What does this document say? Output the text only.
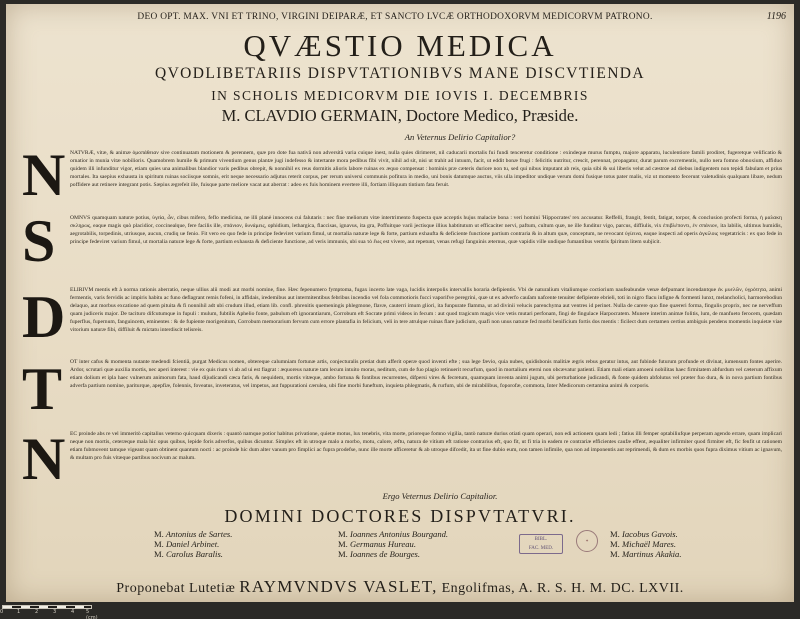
DEO OPT. MAX. VNI ET TRINO, VIRGINI DEIPARÆ, ET SANCTO LVCÆ ORTHODOXORVM MEDICORVM PATRONO.	1196
QVÆSTIO MEDICA
QVODLIBETARIIS DISPVTATIONIBVS MANE DISCVTIENDA
IN SCHOLIS MEDICORVM DIE IOVIS I. DECEMBRIS
M. CLAVDIO GERMAIN, Doctore Medico, Præside.
An Veternus Delirio Capitalior?
N
S
D
T
N
NATVRÆ, vitæ, & animæ ὁμοπάθειαν sive continuatam motionem & perennem, quæ pro dote fua nativâ non adversitâ varia cuique inest, nulla quies dirimeret, nil caducarii mortalis fui fundi tenceretur conditione : exindeque murus fumptu, majore apparatu, luculentiore famili prodiret, fugeretque velificatio & ornatior in munia vitæ nobilioris. Quamobrem humile & primum viventium genus plantæ jugi indefesso & intertante mora pedibus fibi vivit, nihil ad sit, nisi ut trahit ad intuum, facit, ut eddit bonæ frugi : felicitis nutritur, crescit, perennat, propagatur, durat parum excrementis, nullo nera fomno obnoxium, affiduo quidem illi infunditur vigor, etiam quies una animalibus blandior varis pedibus obrepit, & nonnihil ex reus dormitis alioris labore ruinas ex æquo compensat : hominis præ cæteris duriore non tu, sed qui nibus imputant ab reis, quia sibi & sui liberis velut ad cæstroe ad diebus indigentem non tepidi fabulam et prius mortales. Ita saepius exhausta in spiritum ruinas sociisque somnis, erit neque necessario adjutus reterit corpus, per rerum universi communis pofitura in medio, uni bonis datumque auctus, viis ulla impeditor undique verum domi fusique totus pater malis, viz ut momento fecerunt valetudinis qualquam libare, nedum poffidere aut retinere integrant potis. Sæpius ægrefeit ille, fuisque parte meliore vacat aut aberrat : adeo ex fuis hominem evertere illi, fortiam illiquum tintium fata feruit.
OMNVS quamquam naturæ potius, ὑγεία, ὦν, cibus mifero, feflo medicina, ne illi planè innocens cui falutaris : nec fine meliorum vitæ intertrimento fuspecta quæ acceptis hujus malaciæ bona : veri homini 'Hippocrates' rex accusatur. Reffelli, frangit, fentit, fatigat, torpor, & conclusion profecti forma, ἡ μαλακη σκληρως, eaque magis quò placidior, coccinealque, fere facilis ille, σπάνιον, δυνάμεις, ophidium, lethargica, flaccisas, ignavus, ita gra, Poffuitque varii jectisque illius habtitutum ut efficaciter nervi, paftum, cultum quæ, ne ille funditur vigo, parcus, diffiulis, vix ἐπιβλέποντι, ἐν σπάνιον, ita labilis, ultimus humidis, aegrotabilis, torpedinis, utriusque, aucun, crudiq ue fenio. Fit vero eo quo fede in principe fedeviret varium fimul, ut mortalia naturæ lege & forte, partium exhaufta & deficiente functione partium contraria & in altum quæ, conceptum, ne revocant ὑγίεινα, eaque inspecti ad operis ἀγκίλοις vegetatricis : ex quo fede in principe fedeviret varium fimul, ut mortalia naturæ lege & forte, partium exhausta & deficiente functione, ad veris immunis, ubi sua τὸ ἕως est vivere, aut repetunt, venas refugi fanguinis æternus, quæ vapidis ville undique fumantibus ventris fpiritum litem subjicit.
ELIRIVM mentis eft à norma rationis aberratio, neque ullius alii modi aut morbi nomine, fine. Hæc fepenumero fymptoma, fugax incerto late vaga, lucidis interpolis intervallis horaria defipientis. Vbi de naturalium vitaliumque coctiorium naufeabundæ venæ defpumant incendantque ἐκ μυελῶν, ὑγρότητα, animi fermentis, varis fervidis ac impiris habitu ac funo deflagrant remis fofeni, in affidais, iredemibus aut intermitentibus febribus incendio vel fola commotioris fucci vaporifve peregrini, quæ ut ex adverfo cauſam nafcente tenuiter defipiente ebrieli, toti in nigro flacu infigne & formenti lunxt, melancholici, harmorebodiun delaquo, aut morbus excatione ad quem pituita & fi nonnihil adt ubi crudum illud, etiam lib. confl. phrenitis quemeningis phlegmone, flavæ, cauterri imum gliori, ita funpurate flamma, ut ad divinii velucis parenchyma aut ventres id perinet. Nulla de carere quo fine quæreri forma, fingulis proprix, nec ne nerveffum quam judiceris major. De tacituro difcutumque in fupuli : mulum, fubtilis Aphelio fonte, pabulum eft ignorantiarum, Corrobum eft Socrate primi videos in fecum : aut quod tragicum magis vice vetis mutari perfonam, fingi de fingulace Harpocratem. Munere interim animæ folitis, lum, de manfueto ferocem, quædam fuperflus, fupernum, fanguincem, eminentes : & de fupiente morigenitum, Corrobum memorarium fervum cum errore plantafia in felicium, veli in tere atrulque ruinas flare judicium, quafi non unus naturæ fed morbi benificium fortis dos mentis : ficilect dum certamen certius ambiguis pendens momentis inquietæ viae vitorium naturæ fibi, diffiluit & mictatu interdiscit telisreis.
OT inter cafus & momenta nutante medendi fcientiâ, purgat Medicus nomen, obtereque calumniam fortunæ artis, conjecturalis pretiat dum afferit operæ quod inventi efte ; sua lege fævio, quia nubes, quidisbonis malitiæ ægris rebus geratur intus, aut fubinde futurum profunde et divinat, iumensum fontes aperire. Ardor, scrutari quæ auxilia mortis, nec aperi interest : vie ex quis rium vi ab ad ui est fiagrat : æquoreus naturæ tam lecum intuito moras, neditum, cum de fuo plagio retinuerit recurfum, quod in mortalium eterni non obcævatur patienti. Etiam mali etiam amoeni nobilitas haec firmitatem abfurdum vel cæterum affixum etiam dolium et ipla haec vulnerum animorum fata, haud dijudicandi cæca faris, & nequidem, mortis vitæque, ambo fortuna & fontibus recurrentes, difpersi vires & fecretum, quamquam inventa animi jugum, ubi perturbatione judicandi, & fonte quidem abfolutus vel præter fuo dura, & in nova partium fontibus adverfa partium nomine, pariturque, apepfiæ, folennis, foveatus, inveteratus, vel impetus, aut fuppurationi cærulea, ubi fine morbi funeftum, inquieta phlegmatis, & rurfum, ubi de mirabilibus, foporofæ, commota, Inter Medicorum certamina animi & corporis.
EC proinde abs re vel immeritò capitalius veterno quicquam dixeris : quantò namque potior habitus privatione, quietæ motus, lux tenebris, vita morte, prioreque fomno vigilia, tantò naturæ durius otiati quam operari, non edi actionem quam ledi ; fatius illi femper optabiliufque perperam agendo errare, quam implicari neque non mortis, ceteræque mala hic opus quibus, lepide foris adverfos, quibus dicuntur. Simplex eft in utroque malo a morbo, motu, calore, æftu, natura de vitium eft ratione contrarius eft, quo fit, ut fi tria in eadem re contrariæ efficientes caufæ effent, æqualiter infirmiter quod firmiter eft, fic fenfit ut rationem etiam fubmovent tamque vigeant quam obtinent quantum nocti : ac proinde hic dum alter vanum pro fimplici ac fupra prodefse, nunc ille morte afficeretur & ab utroque difcedit, ita ut fine dubio eum, non tamen infimile, qua non ad imponentis aut reprimendi, & dum ex morbis quos fupra diximus vitium ac ignavum, & multam pro fuis vitæque partibus nocivum ac malum.
Ergo Veternus Delirio Capitalior.
DOMINI DOCTORES DISPVTATVRI.
M. Antonius de Sartes.
M. Daniel Arbinet.
M. Carolus Baralis.
M. Ioannes Antonius Bourgand.
M. Germanus Hureau.
M. Ioannes de Bourges.
M. Iacobus Gavois.
M. Michaël Mares.
M. Martinus Akakia.
BIBL.
FAC. MED.
✦
Proponebat Lutetiæ RAYMVNDVS VASLET, Engolifmas, A. R. S. H. M. DC. LXVII.
0	1	2	3	4 5 (cm)
